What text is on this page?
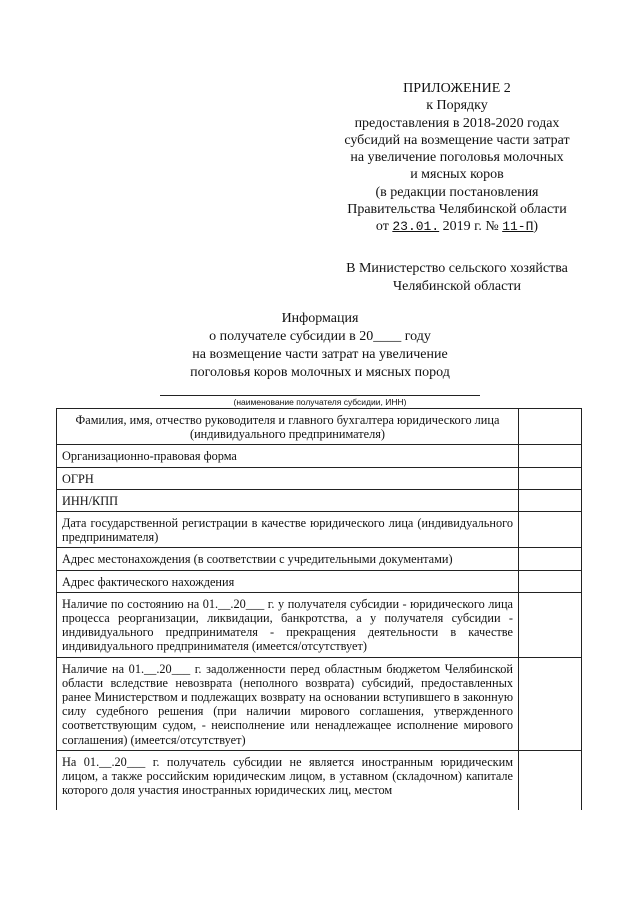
ПРИЛОЖЕНИЕ 2
к Порядку
предоставления в 2018-2020 годах
субсидий на возмещение части затрат
на увеличение поголовья молочных
и мясных коров
(в редакции постановления
Правительства Челябинской области
от 23.01. 2019 г. № 11-П)
В Министерство сельского хозяйства
Челябинской области
Информация
о получателе субсидии в 20____ году
на возмещение части затрат на увеличение
поголовья коров молочных и мясных пород
(наименование получателя субсидии, ИНН)
Фамилия, имя, отчество руководителя и главного бухгалтера юридического лица (индивидуального предпринимателя)	
Организационно-правовая форма	
ОГРН	
ИНН/КПП	
Дата государственной регистрации в качестве юридического лица (индивидуального предпринимателя)	
Адрес местонахождения (в соответствии с учредительными документами)	
Адрес фактического нахождения	
Наличие по состоянию на 01.__.20___ г. у получателя субсидии - юридического лица процесса реорганизации, ликвидации, банкротства, а у получателя субсидии - индивидуального предпринимателя - прекращения деятельности в качестве индивидуального предпринимателя (имеется/отсутствует)	
Наличие на 01.__.20___ г. задолженности перед областным бюджетом Челябинской области вследствие невозврата (неполного возврата) субсидий, предоставленных ранее Министерством и подлежащих возврату на основании вступившего в законную силу судебного решения (при наличии мирового соглашения, утвержденного соответствующим судом, - неисполнение или ненадлежащее исполнение мирового соглашения) (имеется/отсутствует)	
На 01.__.20___ г. получатель субсидии не является иностранным юридическим лицом, а также российским юридическим лицом, в уставном (складочном) капитале которого доля участия иностранных юридических лиц, местом	
